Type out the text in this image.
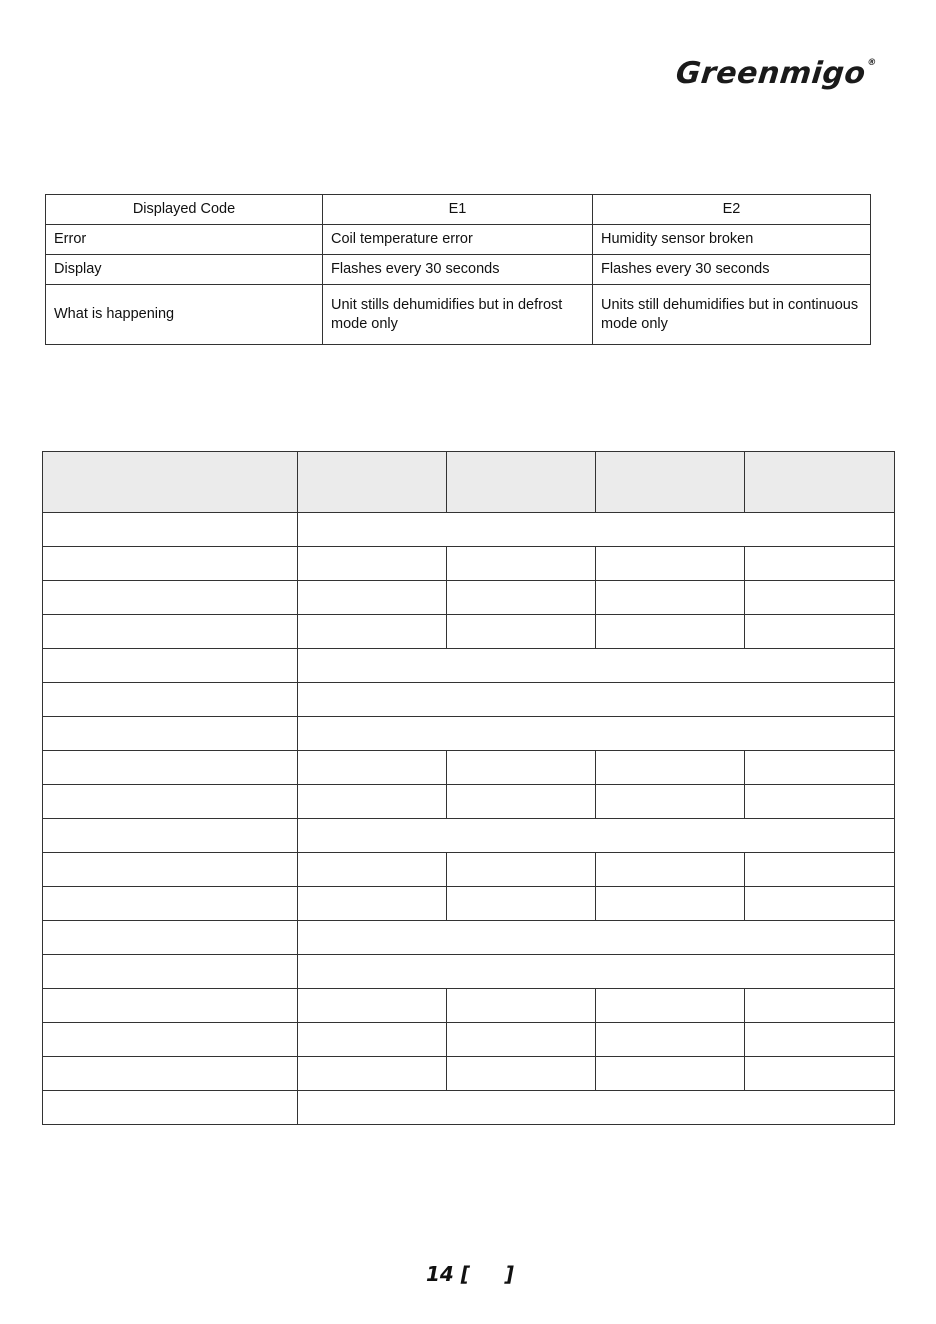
Greenmigo ®
Displayed Code	E1	E2
Error	Coil temperature error	Humidity sensor broken
Display	Flashes every 30 seconds	Flashes every 30 seconds
What is happening	Unit stills dehumidifies but in defrost mode only	Units still dehumidifies but in continuous mode only

14 [     ]
